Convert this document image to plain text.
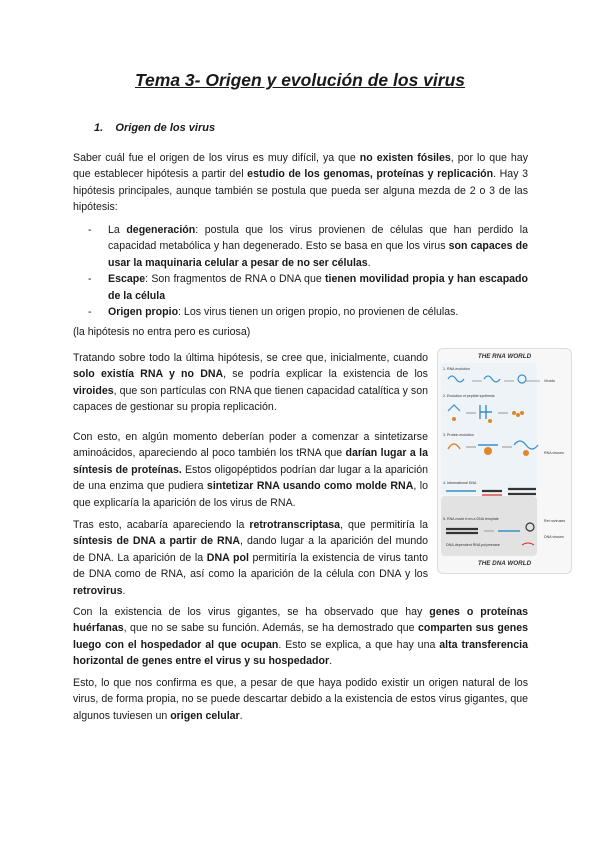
Tema 3- Origen y evolución de los virus
1. Origen de los virus

Saber cuál fue el origen de los virus es muy difícil, ya que no existen fósiles, por lo que hay que establecer hipótesis a partir del estudio de los genomas, proteínas y replicación. Hay 3 hipótesis principales, aunque también se postula que pueda ser alguna mezda de 2 o 3 de las hipótesis:

- La degeneración: postula que los virus provienen de células que han perdido la capacidad metabólica y han degenerado. Esto se basa en que los virus son capaces de usar la maquinaria celular a pesar de no ser células.
- Escape: Son fragmentos de RNA o DNA que tienen movilidad propia y han escapado de la célula
- Origen propio: Los virus tienen un origen propio, no provienen de células.

(la hipótesis no entra pero es curiosa)

Tratando sobre todo la última hipótesis, se cree que, inicialmente, cuando solo existía RNA y no DNA, se podría explicar la existencia de los viroides, que son partículas con RNA que tienen capacidad catalítica y son capaces de gestionar su propia replicación.

Con esto, en algún momento deberían poder a comenzar a sintetizarse aminoácidos, apareciendo al poco también los tRNA que darían lugar a la síntesis de proteínas. Estos oligopéptidos podrían dar lugar a la aparición de una enzima que pudiera sintetizar RNA usando como molde RNA, lo que explicaría la aparición de los virus de RNA.

Tras esto, acabaría apareciendo la retrotranscriptasa, que permitiría la síntesis de DNA a partir de RNA, dando lugar a la aparición del mundo de DNA. La aparición de la DNA pol permitiría la existencia de virus tanto de DNA como de RNA, así como la aparición de la célula con DNA y los retrovirus.

Con la existencia de los virus gigantes, se ha observado que hay genes o proteínas huérfanas, que no se sabe su función. Además, se ha demostrado que comparten sus genes luego con el hospedador al que ocupan. Esto se explica, a que hay una alta transferencia horizontal de genes entre el virus y su hospedador.

Esto, lo que nos confirma es que, a pesar de que haya podido existir un origen natural de los virus, de forma propia, no se puede descartar debido a la existencia de estos virus gigantes, que algunos tuviesen un origen celular.

THE RNA WORLD
1. RNA evolution
2. Evolution of peptide synthesis
3. Protein evolution
4. Informational DNA
5. RNA made from a DNA template
Viroids
RNA viruses
Ret roviruses
DNA viruses
DNA-dependent RNA polymerase
THE DNA WORLD
